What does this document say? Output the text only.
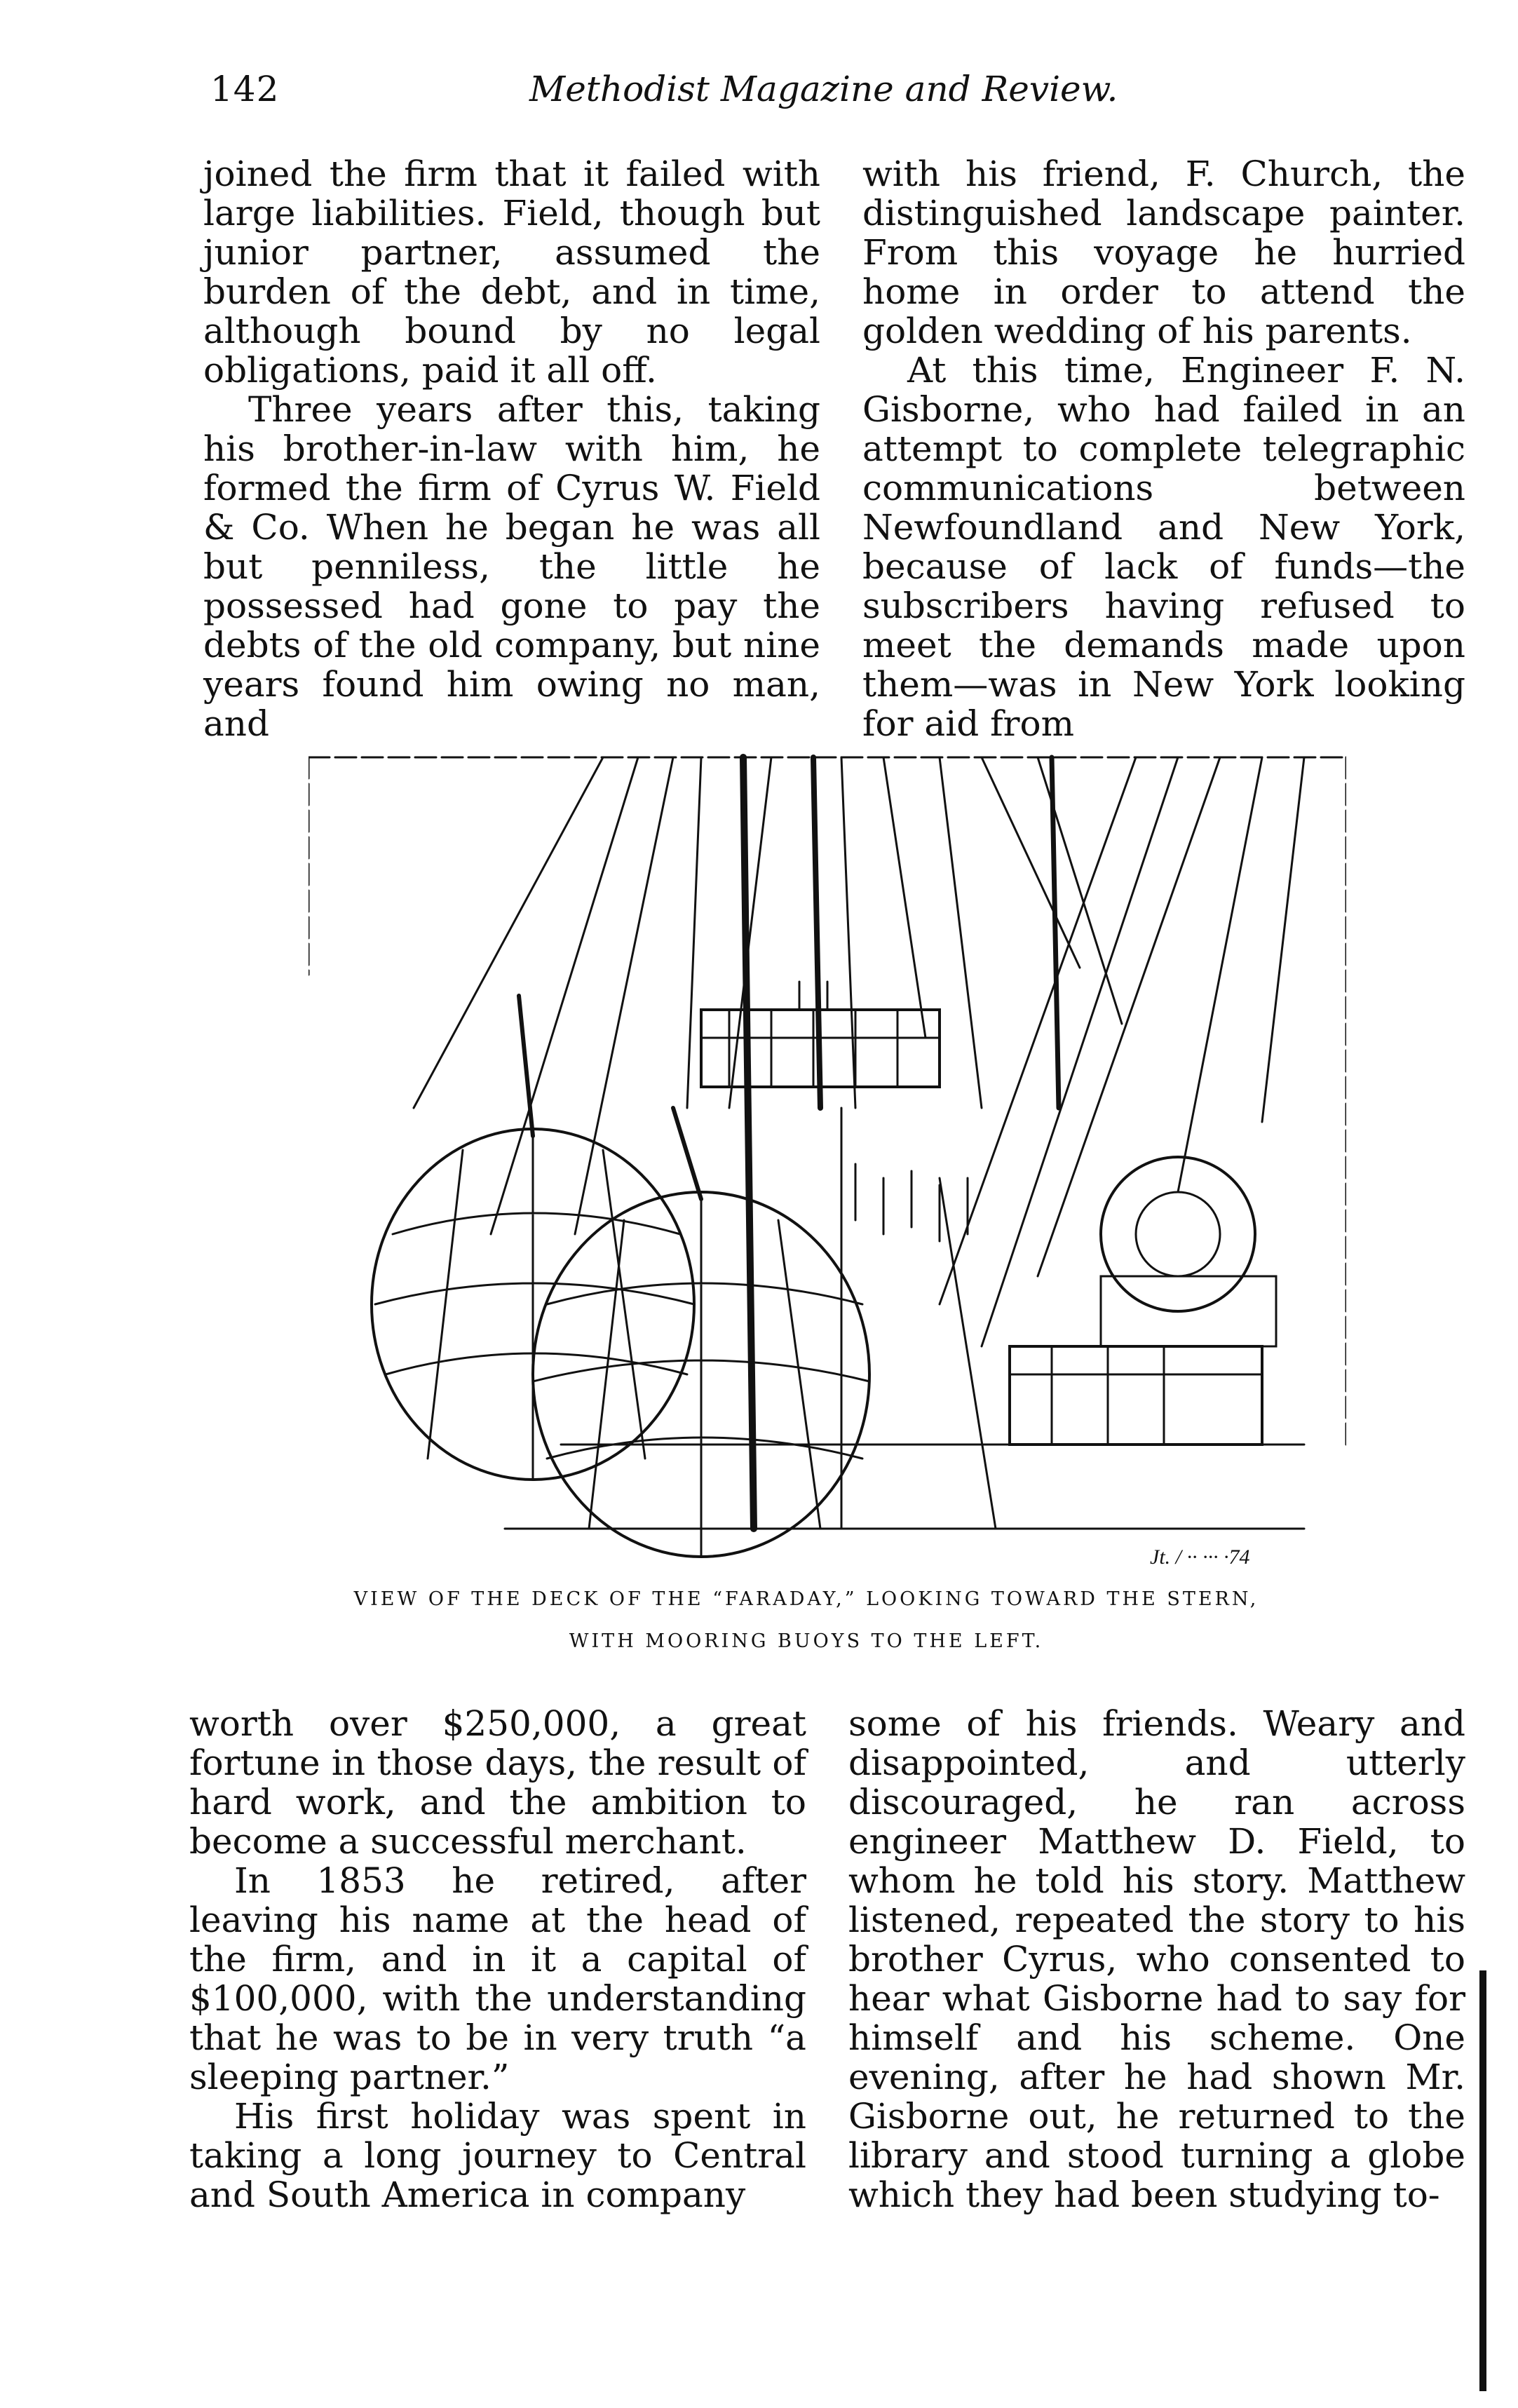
142	Methodist Magazine and Review.

joined the firm that it failed with large liabilities. Field, though but junior partner, assumed the burden of the debt, and in time, although bound by no legal obligations, paid it all off.

Three years after this, taking his brother-in-law with him, he formed the firm of Cyrus W. Field & Co. When he began he was all but penniless, the little he possessed had gone to pay the debts of the old company, but nine years found him owing no man, and

with his friend, F. Church, the distinguished landscape painter. From this voyage he hurried home in order to attend the golden wedding of his parents.

At this time, Engineer F. N. Gisborne, who had failed in an attempt to complete telegraphic communications between Newfoundland and New York, because of lack of funds—the subscribers having refused to meet the demands made upon them—was in New York looking for aid from

Jt. / ·· ··· ·74
VIEW OF THE DECK OF THE “FARADAY,” LOOKING TOWARD THE STERN,
WITH MOORING BUOYS TO THE LEFT.

worth over $250,000, a great fortune in those days, the result of hard work, and the ambition to become a successful merchant.

In 1853 he retired, after leaving his name at the head of the firm, and in it a capital of $100,000, with the understanding that he was to be in very truth “a sleeping partner.”

His first holiday was spent in taking a long journey to Central and South America in company

some of his friends. Weary and disappointed, and utterly discouraged, he ran across engineer Matthew D. Field, to whom he told his story. Matthew listened, repeated the story to his brother Cyrus, who consented to hear what Gisborne had to say for himself and his scheme. One evening, after he had shown Mr. Gisborne out, he returned to the library and stood turning a globe which they had been studying to-
